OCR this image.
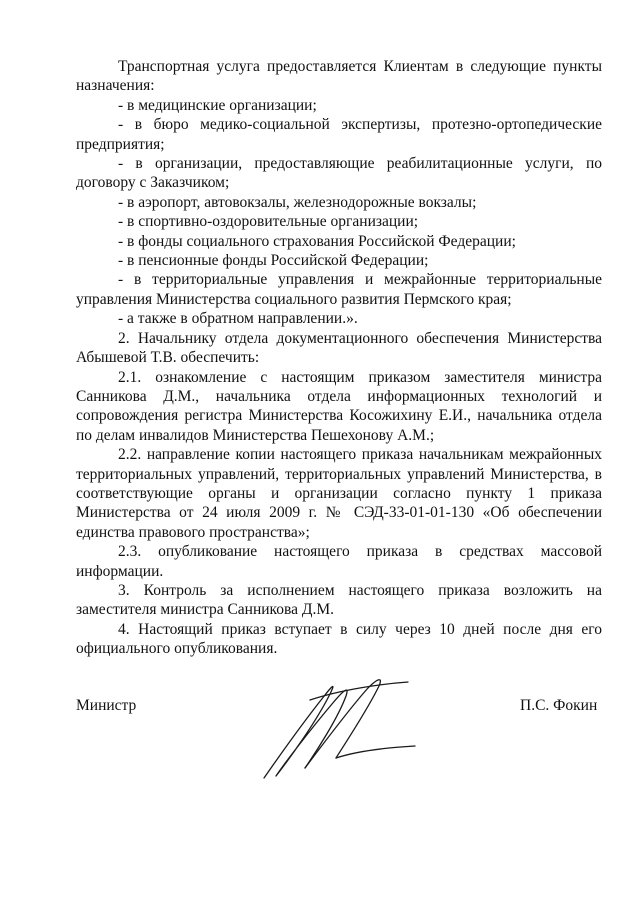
Транспортная услуга предоставляется Клиентам в следующие пункты назначения:

- в медицинские организации;

- в бюро медико-социальной экспертизы, протезно-ортопедические предприятия;

- в организации, предоставляющие реабилитационные услуги, по договору с Заказчиком;

- в аэропорт, автовокзалы, железнодорожные вокзалы;

- в спортивно-оздоровительные организации;

- в фонды социального страхования Российской Федерации;

- в пенсионные фонды Российской Федерации;

- в территориальные управления и межрайонные территориальные управления Министерства социального развития Пермского края;

- а также в обратном направлении.».

2. Начальнику отдела документационного обеспечения Министерства Абышевой Т.В. обеспечить:

2.1. ознакомление с настоящим приказом заместителя министра Санникова Д.М., начальника отдела информационных технологий и сопровождения регистра Министерства Косожихину Е.И., начальника отдела по делам инвалидов Министерства Пешехонову А.М.;

2.2. направление копии настоящего приказа начальникам межрайонных территориальных управлений, территориальных управлений Министерства, в соответствующие органы и организации согласно пункту 1 приказа Министерства от 24 июля 2009 г. № СЭД-33-01-01-130 «Об обеспечении единства правового пространства»;

2.3. опубликование настоящего приказа в средствах массовой информации.

3. Контроль за исполнением настоящего приказа возложить на заместителя министра Санникова Д.М.

4. Настоящий приказ вступает в силу через 10 дней после дня его официального опубликования.

Министр	П.С. Фокин
